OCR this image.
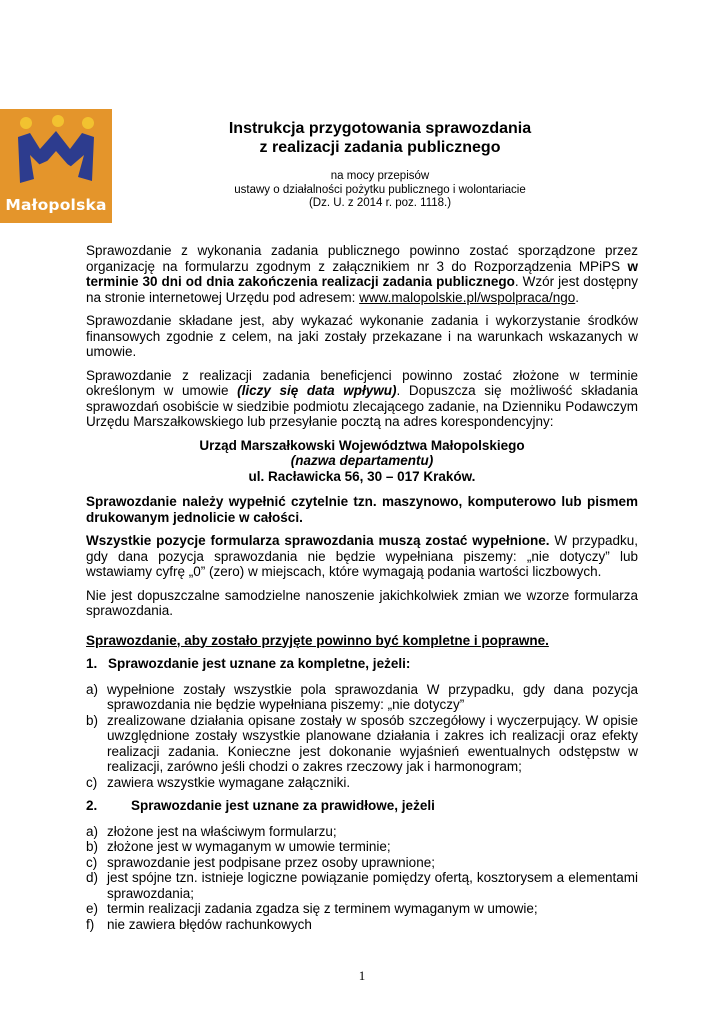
Małopolska
Instrukcja przygotowania sprawozdania
z realizacji zadania publicznego
na mocy przepisów
ustawy o działalności pożytku publicznego i wolontariacie
(Dz. U. z 2014 r. poz. 1118.)

Sprawozdanie z wykonania zadania publicznego powinno zostać sporządzone przez organizację na formularzu zgodnym z załącznikiem nr 3 do Rozporządzenia MPiPS w terminie 30 dni od dnia zakończenia realizacji zadania publicznego. Wzór jest dostępny na stronie internetowej Urzędu pod adresem: www.malopolskie.pl/wspolpraca/ngo.

Sprawozdanie składane jest, aby wykazać wykonanie zadania i wykorzystanie środków finansowych zgodnie z celem, na jaki zostały przekazane i na warunkach wskazanych w umowie.

Sprawozdanie z realizacji zadania beneficjenci powinno zostać złożone w terminie określonym w umowie (liczy się data wpływu). Dopuszcza się możliwość składania sprawozdań osobiście w siedzibie podmiotu zlecającego zadanie, na Dzienniku Podawczym Urzędu Marszałkowskiego lub przesyłanie pocztą na adres korespondencyjny:

Urząd Marszałkowski Województwa Małopolskiego
(nazwa departamentu)
ul. Racławicka 56, 30 – 017 Kraków.

Sprawozdanie należy wypełnić czytelnie tzn. maszynowo, komputerowo lub pismem drukowanym jednolicie w całości.

Wszystkie pozycje formularza sprawozdania muszą zostać wypełnione. W przypadku, gdy dana pozycja sprawozdania nie będzie wypełniana piszemy: „nie dotyczy” lub wstawiamy cyfrę „0” (zero) w miejscach, które wymagają podania wartości liczbowych.

Nie jest dopuszczalne samodzielne nanoszenie jakichkolwiek zmian we wzorze formularza sprawozdania.

Sprawozdanie, aby zostało przyjęte powinno być kompletne i poprawne.

1. Sprawozdanie jest uznane za kompletne, jeżeli:
a) wypełnione zostały wszystkie pola sprawozdania W przypadku, gdy dana pozycja sprawozdania nie będzie wypełniana piszemy: „nie dotyczy”
b) zrealizowane działania opisane zostały w sposób szczegółowy i wyczerpujący. W opisie uwzględnione zostały wszystkie planowane działania i zakres ich realizacji oraz efekty realizacji zadania. Konieczne jest dokonanie wyjaśnień ewentualnych odstępstw w realizacji, zarówno jeśli chodzi o zakres rzeczowy jak i harmonogram;
c) zawiera wszystkie wymagane załączniki.
2.	Sprawozdanie jest uznane za prawidłowe, jeżeli
a) złożone jest na właściwym formularzu;
b) złożone jest w wymaganym w umowie terminie;
c) sprawozdanie jest podpisane przez osoby uprawnione;
d) jest spójne tzn. istnieje logiczne powiązanie pomiędzy ofertą, kosztorysem a elementami sprawozdania;
e) termin realizacji zadania zgadza się z terminem wymaganym w umowie;
f) nie zawiera błędów rachunkowych
1
